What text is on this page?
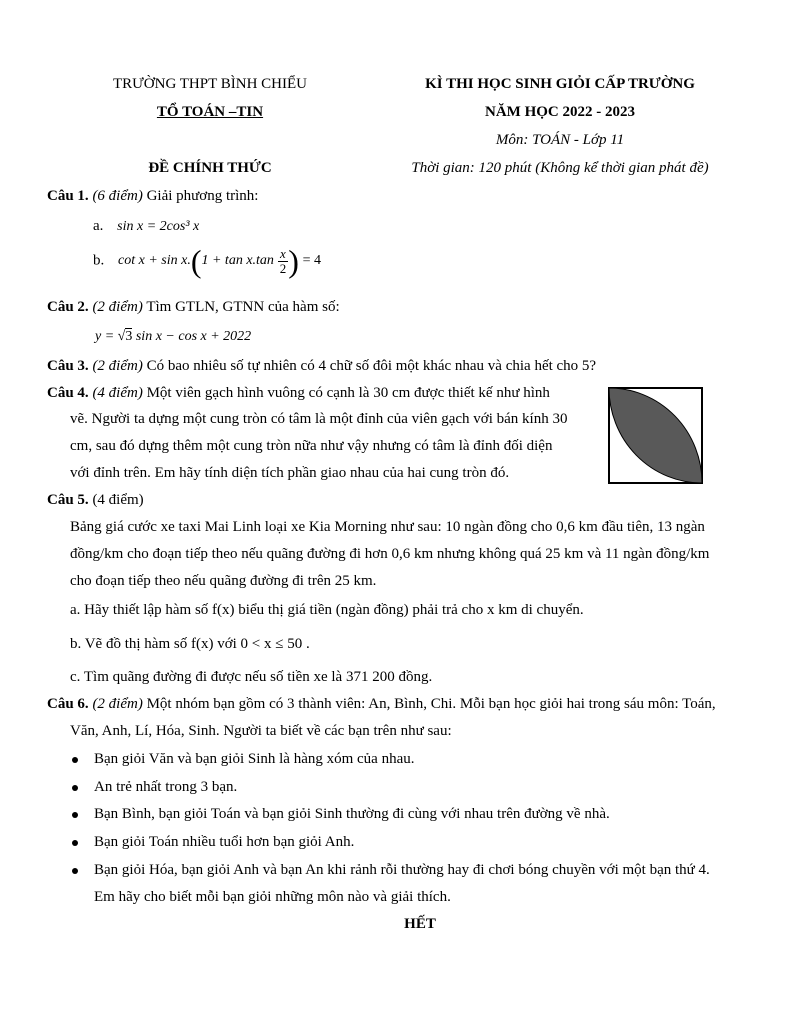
TRƯỜNG THPT BÌNH CHIỂU
TỔ TOÁN –TIN
ĐỀ CHÍNH THỨC
KÌ THI HỌC SINH GIỎI CẤP TRƯỜNG
NĂM HỌC 2022 - 2023
Môn: TOÁN - Lớp 11
Thời gian: 120 phút (Không kể thời gian phát đề)
Câu 1. (6 điểm) Giải phương trình:
a. sin x = 2cos³ x
b. $\cot x + \sin x.(1 + \tan x.\tan \frac{x}{2}$ ) = 4
Câu 2. (2 điểm) Tìm GTLN, GTNN của hàm số:
y = √3 sin x − cos x + 2022
Câu 3. (2 điểm) Có bao nhiêu số tự nhiên có 4 chữ số đôi một khác nhau và chia hết cho 5?
Câu 4. (4 điểm) Một viên gạch hình vuông có cạnh là 30 cm được thiết kế như hình
vẽ. Người ta dựng một cung tròn có tâm là một đỉnh của viên gạch với bán kính 30
cm, sau đó dựng thêm một cung tròn nữa như vậy nhưng có tâm là đỉnh đối diện
với đỉnh trên. Em hãy tính diện tích phần giao nhau của hai cung tròn đó.
Câu 5. (4 điểm)
Bảng giá cước xe taxi Mai Linh loại xe Kia Morning như sau: 10 ngàn đồng cho 0,6 km đầu tiên, 13 ngàn
đồng/km cho đoạn tiếp theo nếu quãng đường đi hơn 0,6 km nhưng không quá 25 km và 11 ngàn đồng/km
cho đoạn tiếp theo nếu quãng đường đi trên 25 km.
a. Hãy thiết lập hàm số f(x) biểu thị giá tiền (ngàn đồng) phải trả cho x km di chuyển.
b. Vẽ đồ thị hàm số f(x) với 0 < x ≤ 50 .
c. Tìm quãng đường đi được nếu số tiền xe là 371 200 đồng.
Câu 6. (2 điểm) Một nhóm bạn gồm có 3 thành viên: An, Bình, Chi. Mỗi bạn học giỏi hai trong sáu môn: Toán,
Văn, Anh, Lí, Hóa, Sinh. Người ta biết về các bạn trên như sau:
Bạn giỏi Văn và bạn giỏi Sinh là hàng xóm của nhau.
An trẻ nhất trong 3 bạn.
Bạn Bình, bạn giỏi Toán và bạn giỏi Sinh thường đi cùng với nhau trên đường về nhà.
Bạn giỏi Toán nhiều tuổi hơn bạn giỏi Anh.
Bạn giỏi Hóa, bạn giỏi Anh và bạn An khi rảnh rỗi thường hay đi chơi bóng chuyền với một bạn thứ 4.
Em hãy cho biết mỗi bạn giỏi những môn nào và giải thích.
HẾT
